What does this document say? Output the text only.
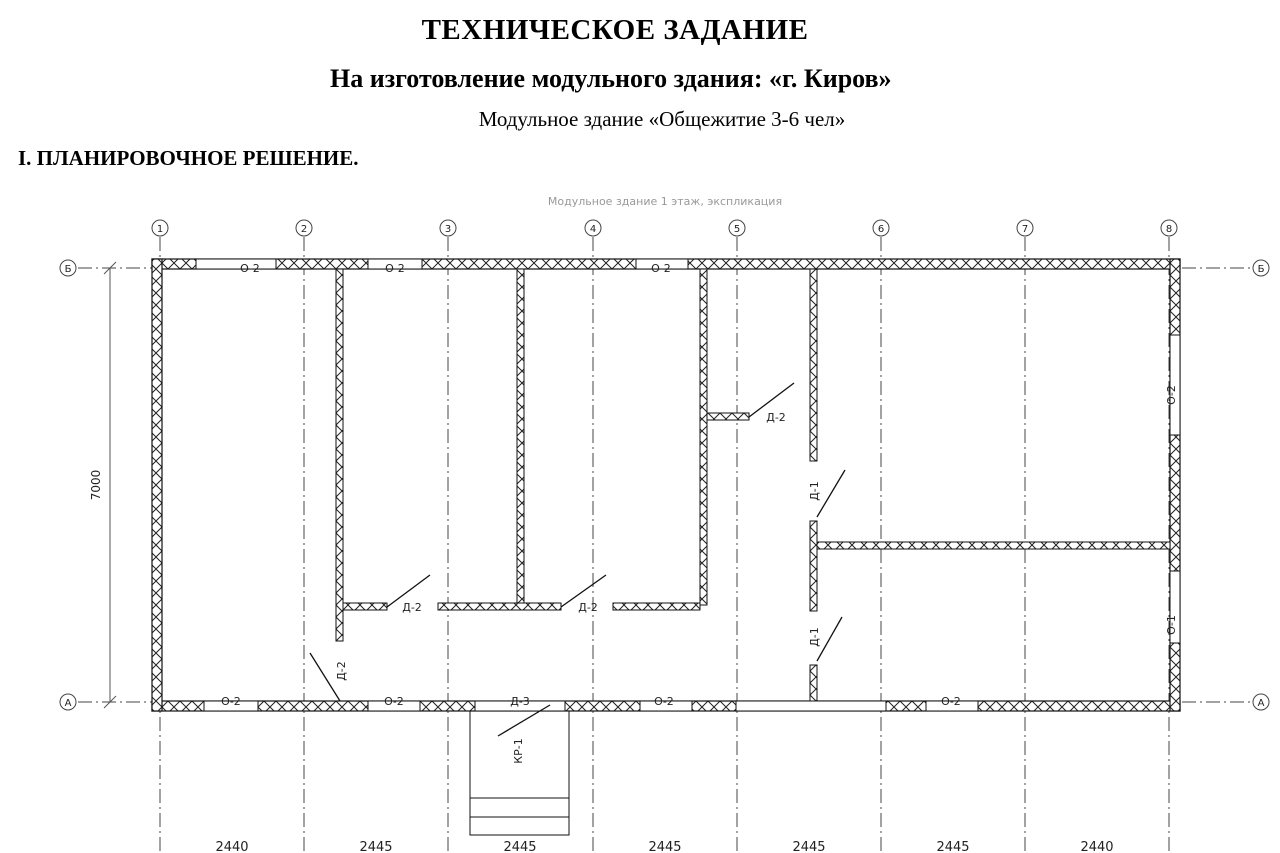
ТЕХНИЧЕСКОЕ ЗАДАНИЕ
На изготовление модульного здания: «г. Киров»
Модульное здание «Общежитие 3-6 чел»
I. ПЛАНИРОВОЧНОЕ РЕШЕНИЕ.
Модульное здание 1 этаж, экспликация
Б	Б
А	А
1	2	3	4	5	6	7	8
7000
О-2	О-2	О-2
О-2	О-2	О-2	О-2
О-2
О-1
Д-2	Д-2
Д-2
Д-1
Д-1
Д-2
Д-3
КР-1
2440	2445	2445	2445	2445	2445	2440
